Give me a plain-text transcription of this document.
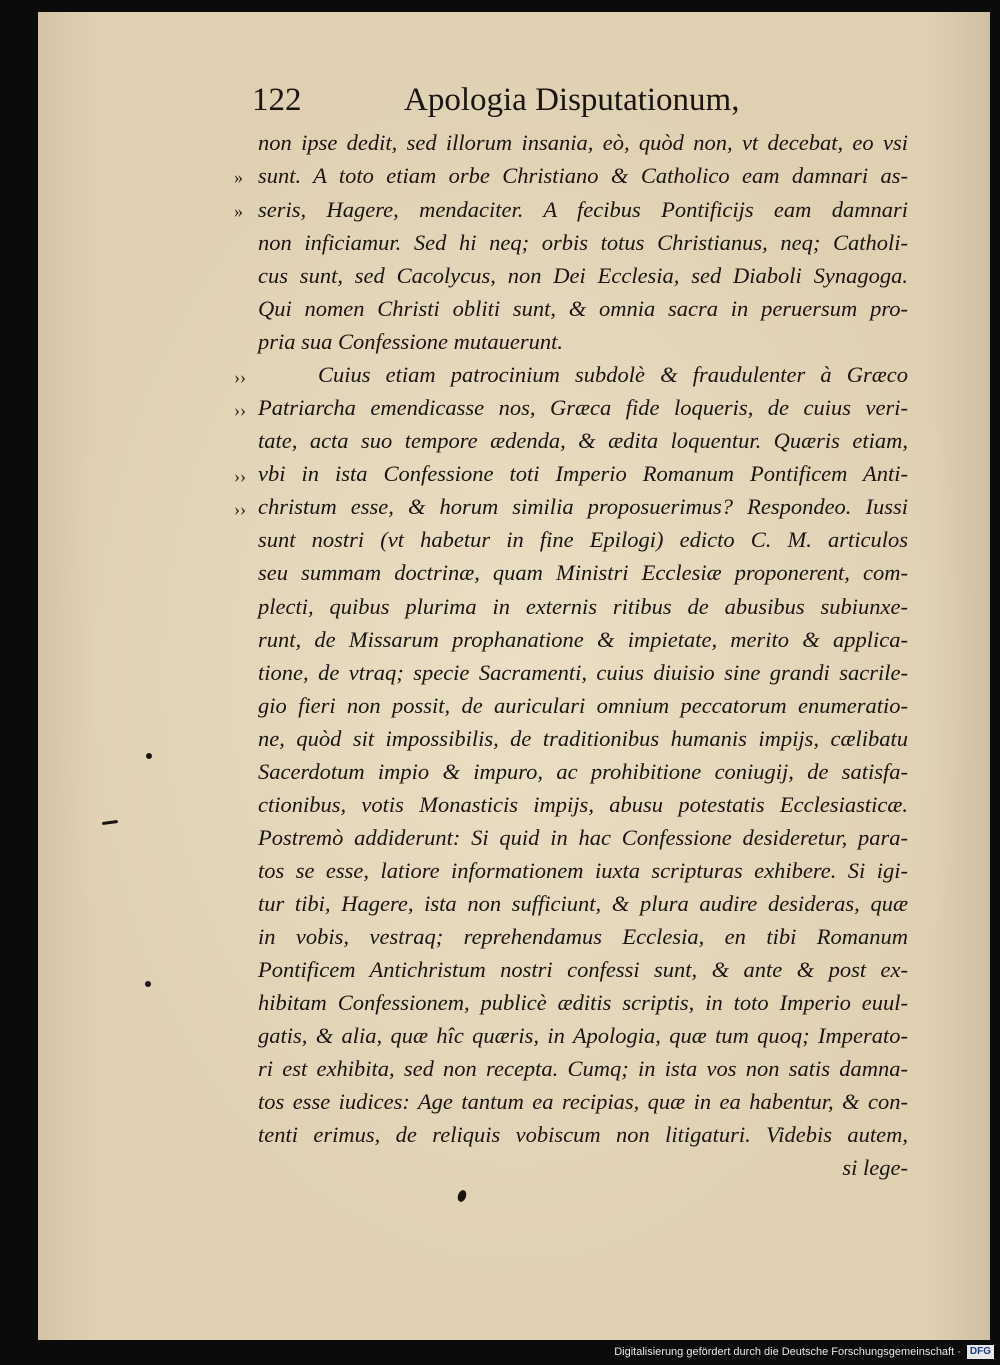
122	Apologia Disputationum,
non ipse dedit, sed illorum insania, eò, quòd non, vt decebat, eo vsi
sunt. A toto etiam orbe Christiano & Catholico eam damnari as-
seris, Hagere, mendaciter. A fecibus Pontificijs eam damnari
non inficiamur. Sed hi neq; orbis totus Christianus, neq; Catholi-
cus sunt, sed Cacolycus, non Dei Ecclesia, sed Diaboli Synagoga.
Qui nomen Christi obliti sunt, & omnia sacra in peruersum pro-
pria sua Confessione mutauerunt.
Cuius etiam patrocinium subdolè & fraudulenter à Græco
Patriarcha emendicasse nos, Græca fide loqueris, de cuius veri-
tate, acta suo tempore ædenda, & ædita loquentur. Quæris etiam,
vbi in ista Confessione toti Imperio Romanum Pontificem Anti-
christum esse, & horum similia proposuerimus? Respondeo. Iussi
sunt nostri (vt habetur in fine Epilogi) edicto C. M. articulos
seu summam doctrinæ, quam Ministri Ecclesiæ proponerent, com-
plecti, quibus plurima in externis ritibus de abusibus subiunxe-
runt, de Missarum prophanatione & impietate, merito & applica-
tione, de vtraq; specie Sacramenti, cuius diuisio sine grandi sacrile-
gio fieri non possit, de auriculari omnium peccatorum enumeratio-
ne, quòd sit impossibilis, de traditionibus humanis impijs, cælibatu
Sacerdotum impio & impuro, ac prohibitione coniugij, de satisfa-
ctionibus, votis Monasticis impijs, abusu potestatis Ecclesiasticæ.
Postremò addiderunt: Si quid in hac Confessione desideretur, para-
tos se esse, latiore informationem iuxta scripturas exhibere. Si igi-
tur tibi, Hagere, ista non sufficiunt, & plura audire desideras, quæ
in vobis, vestraq; reprehendamus Ecclesia, en tibi Romanum
Pontificem Antichristum nostri confessi sunt, & ante & post ex-
hibitam Confessionem, publicè æditis scriptis, in toto Imperio euul-
gatis, & alia, quæ hîc quæris, in Apologia, quæ tum quoq; Imperato-
ri est exhibita, sed non recepta. Cumq; in ista vos non satis damna-
tos esse iudices: Age tantum ea recipias, quæ in ea habentur, & con-
tenti erimus, de reliquis vobiscum non litigaturi. Videbis autem,
si lege-
»
»
››
››
››
››
Digitalisierung gefördert durch die Deutsche Forschungsgemeinschaft · DFG
